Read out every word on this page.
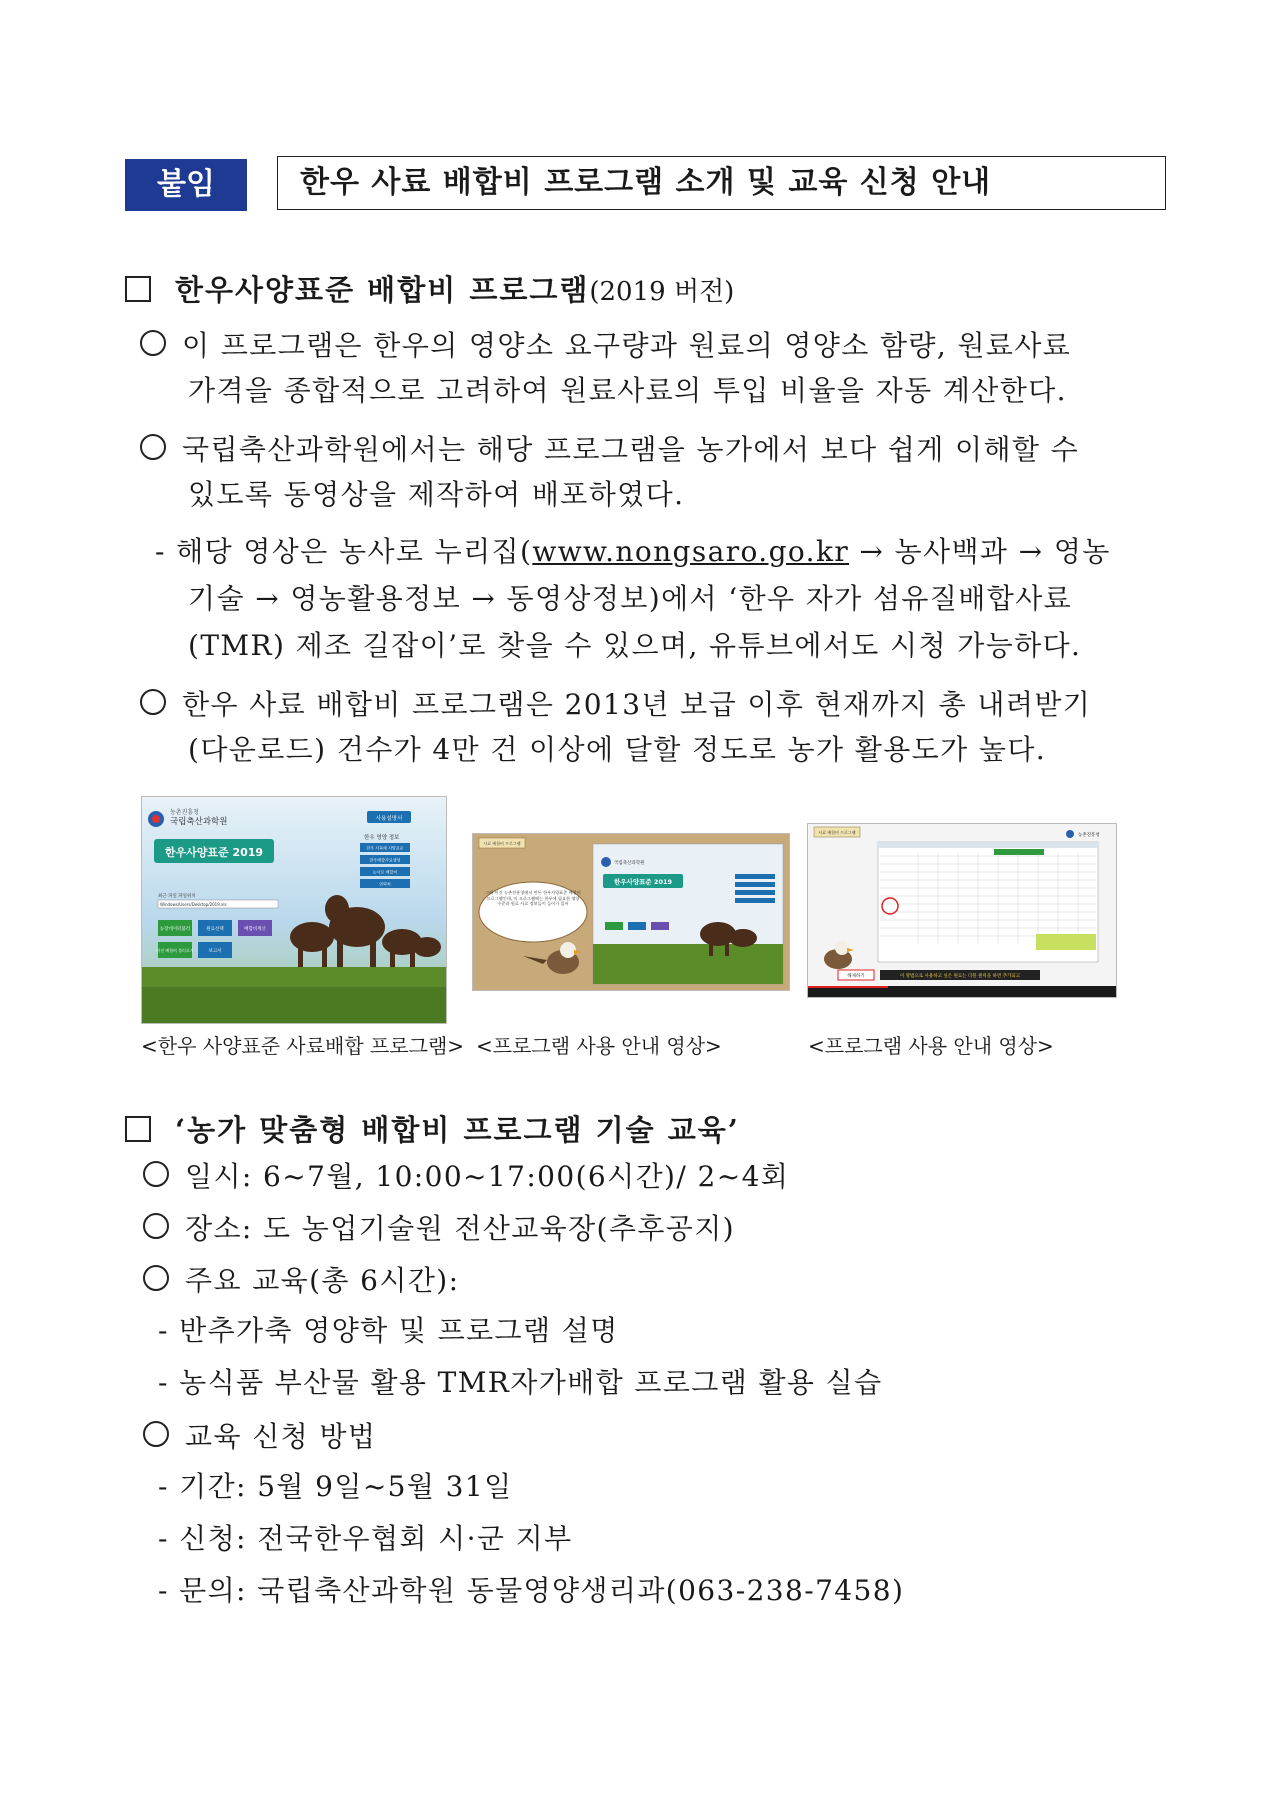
붙임	한우 사료 배합비 프로그램 소개 및 교육 신청 안내
한우사양표준 배합비 프로그램(2019 버전)
이 프로그램은 한우의 영양소 요구량과 원료의 영양소 함량, 원료사료
가격을 종합적으로 고려하여 원료사료의 투입 비율을 자동 계산한다.
국립축산과학원에서는 해당 프로그램을 농가에서 보다 쉽게 이해할 수
있도록 동영상을 제작하여 배포하였다.
- 해당 영상은 농사로 누리집(www.nongsaro.go.kr → 농사백과 → 영농
기술 → 영농활용정보 → 동영상정보)에서 ‘한우 자가 섬유질배합사료
(TMR) 제조 길잡이’로 찾을 수 있으며, 유튜브에서도 시청 가능하다.
한우 사료 배합비 프로그램은 2013년 보급 이후 현재까지 총 내려받기
(다운로드) 건수가 4만 건 이상에 달할 정도로 농가 활용도가 높다.
농촌진흥청
국립축산과학원	사용설명서
한우사양표준 2019
한우 영양 정보
한우 사육에 사양표준
한우배합사료생성
농사로 배합비
연락처
최근 파일 파일위치
Windows/Users/Desktop/2019.xls
농장데이터불러	원료선택	배합비계산
이전 배합비 불러오기	보고서
사료 배합비 프로그램
국립축산과학원
한우사양표준 2019
그래 이건 농촌진흥청에서 만든 한우사양표준 배합비 프로그램인데, 이 프로그램에는 한우에 필요한 영양 수준과 원료 사료 정보들이 들어가 있어
사료 배합비 프로그램
농촌진흥청
해제하기	이 방법으로 사용하고 싶은 원료는 더블 클릭을 하면 추가되고
<한우 사양표준 사료배합 프로그램> <프로그램 사용 안내 영상>	<프로그램 사용 안내 영상>
‘농가 맞춤형 배합비 프로그램 기술 교육’
일시: 6~7월, 10:00~17:00(6시간)/ 2~4회
장소: 도 농업기술원 전산교육장(추후공지)
주요 교육(총 6시간):
- 반추가축 영양학 및 프로그램 설명
- 농식품 부산물 활용 TMR자가배합 프로그램 활용 실습
교육 신청 방법
- 기간: 5월 9일~5월 31일
- 신청: 전국한우협회 시·군 지부
- 문의: 국립축산과학원 동물영양생리과(063-238-7458)
